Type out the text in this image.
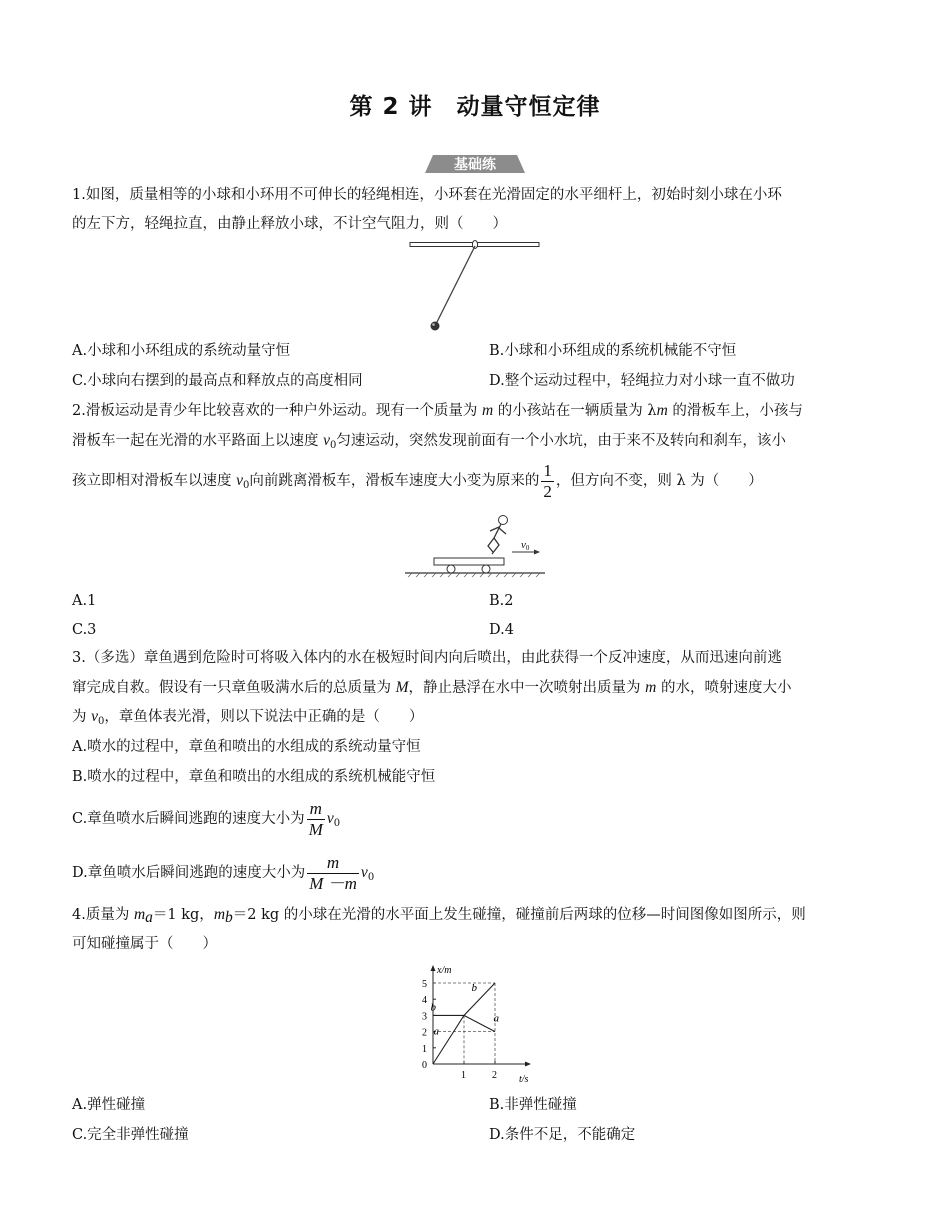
第 2 讲　动量守恒定律
基础练
1.如图，质量相等的小球和小环用不可伸长的轻绳相连，小环套在光滑固定的水平细杆上，初始时刻小球在小环
的左下方，轻绳拉直，由静止释放小球，不计空气阻力，则（　　）
A.小球和小环组成的系统动量守恒	B.小球和小环组成的系统机械能不守恒
C.小球向右摆到的最高点和释放点的高度相同	D.整个运动过程中，轻绳拉力对小球一直不做功
2.滑板运动是青少年比较喜欢的一种户外运动。现有一个质量为 m 的小孩站在一辆质量为 λm 的滑板车上，小孩与
滑板车一起在光滑的水平路面上以速度 $v_0$匀速运动，突然发现前面有一个小水坑，由于来不及转向和刹车，该小
孩立即相对滑板车以速度 $v_0$向前跳离滑板车，滑板车速度大小变为原来的 $\frac{1}{2}$ ，但方向不变，则 λ 为（　　）
v0
A.1	B.2
C.3	D.4
3.（多选）章鱼遇到危险时可将吸入体内的水在极短时间内向后喷出，由此获得一个反冲速度，从而迅速向前逃
窜完成自救。假设有一只章鱼吸满水后的总质量为 M，静止悬浮在水中一次喷射出质量为 m 的水，喷射速度大小
为 $v_0$，章鱼体表光滑，则以下说法中正确的是（　　）
A.喷水的过程中，章鱼和喷出的水组成的系统动量守恒
B.喷水的过程中，章鱼和喷出的水组成的系统机械能守恒
C.章鱼喷水后瞬间逃跑的速度大小为 $\frac{m}{M} v_0$
D.章鱼喷水后瞬间逃跑的速度大小为 $\frac{m}{M -m} v_0$
4.质量为 $m_a=1$ kg，$m_b=2$ kg 的小球在光滑的水平面上发生碰撞，碰撞前后两球的位移—时间图像如图所示，则
可知碰撞属于（　　）
x/m
t/s
0
1
2
3
4
5
1	2
a
a
b
b
A.弹性碰撞	B.非弹性碰撞
C.完全非弹性碰撞	D.条件不足，不能确定
